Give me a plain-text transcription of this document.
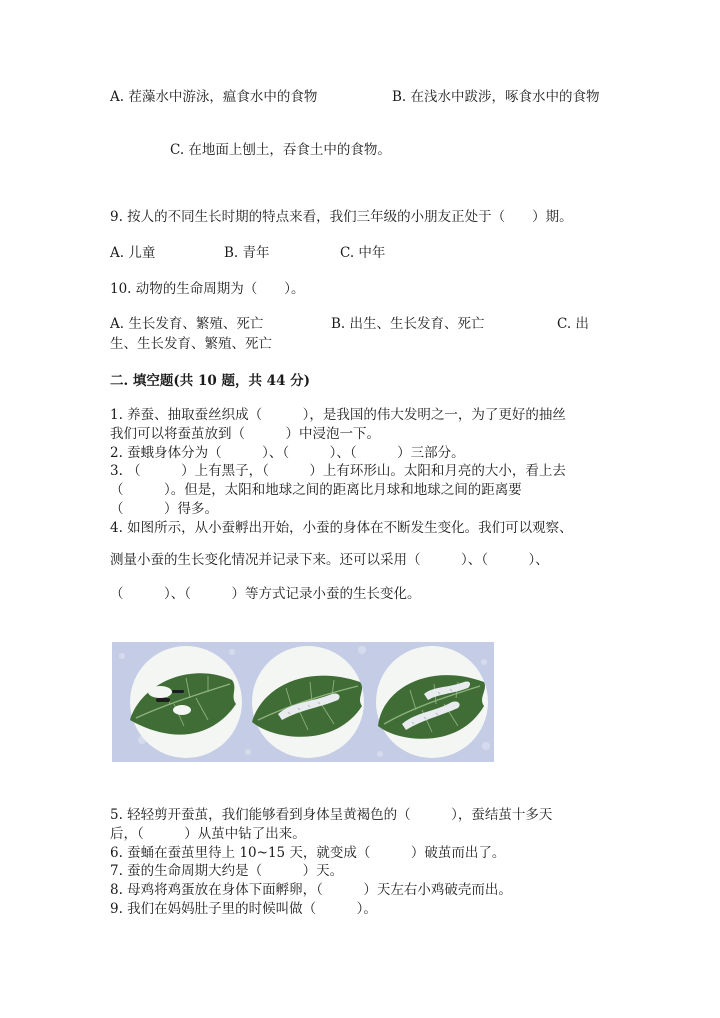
A. 茬藻水中游泳，瘟食水中的食物	B. 在浅水中跋涉，啄食水中的食物
C. 在地面上刨土，吞食土中的食物。
9. 按人的不同生长时期的特点来看，我们三年级的小朋友正处于（　　）期。
A. 儿童	B. 青年	C. 中年
10. 动物的生命周期为（　　）。
A. 生长发育、繁殖、死亡	B. 出生、生长发育、死亡	C. 出
生、生长发育、繁殖、死亡
二. 填空题(共 10 题，共 44 分)
1. 养蚕、抽取蚕丝织成（　　　），是我国的伟大发明之一，为了更好的抽丝
我们可以将蚕茧放到（　　　）中浸泡一下。
2. 蚕蛾身体分为（　　　）、（　　　）、（　　　）三部分。
3. （　　　）上有黑子，（　　　）上有环形山。太阳和月亮的大小，看上去
（　　　）。但是，太阳和地球之间的距离比月球和地球之间的距离要
（　　　）得多。
4. 如图所示，从小蚕孵出开始，小蚕的身体在不断发生变化。我们可以观察、
测量小蚕的生长变化情况并记录下来。还可以采用（　　　）、（　　　）、
（　　　）、（　　　）等方式记录小蚕的生长变化。
5. 轻轻剪开蚕茧，我们能够看到身体呈黄褐色的（　　　），蚕结茧十多天
后，（　　　）从茧中钻了出来。
6. 蚕蛹在蚕茧里待上 10~15 天，就变成（　　　）破茧而出了。
7. 蚕的生命周期大约是（　　　）天。
8. 母鸡将鸡蛋放在身体下面孵卵，（　　　）天左右小鸡破壳而出。
9. 我们在妈妈肚子里的时候叫做（　　　）。
